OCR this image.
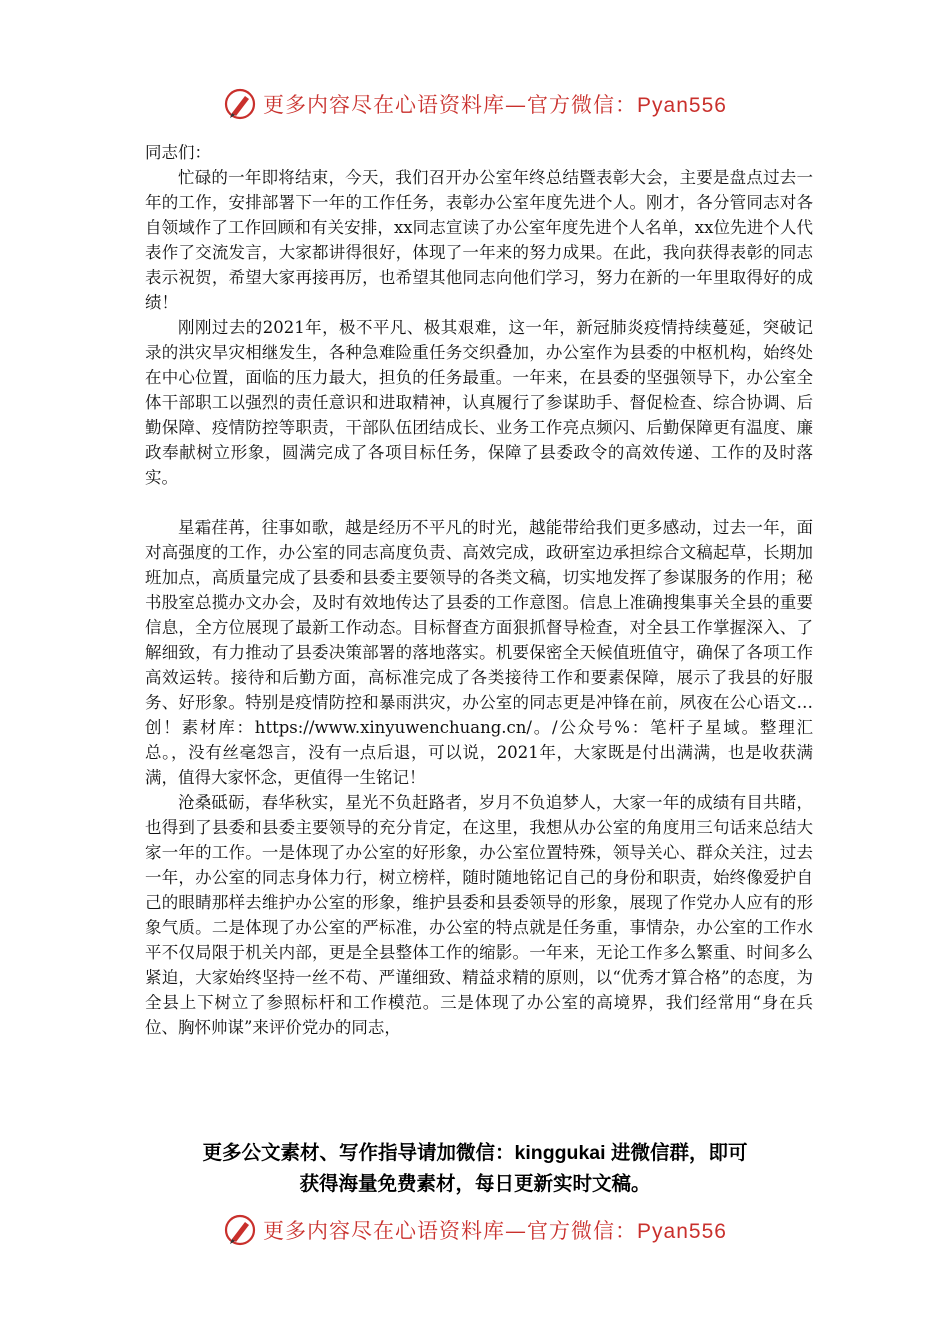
更多内容尽在心语资料库—官方微信：Pyan556

同志们：

忙碌的一年即将结束，今天，我们召开办公室年终总结暨表彰大会，主要是盘点过去一年的工作，安排部署下一年的工作任务，表彰办公室年度先进个人。刚才，各分管同志对各自领域作了工作回顾和有关安排，xx同志宣读了办公室年度先进个人名单，xx位先进个人代表作了交流发言，大家都讲得很好，体现了一年来的努力成果。在此，我向获得表彰的同志表示祝贺，希望大家再接再厉，也希望其他同志向他们学习，努力在新的一年里取得好的成绩！

刚刚过去的2021年，极不平凡、极其艰难，这一年，新冠肺炎疫情持续蔓延，突破记录的洪灾旱灾相继发生，各种急难险重任务交织叠加，办公室作为县委的中枢机构，始终处在中心位置，面临的压力最大，担负的任务最重。一年来，在县委的坚强领导下，办公室全体干部职工以强烈的责任意识和进取精神，认真履行了参谋助手、督促检查、综合协调、后勤保障、疫情防控等职责，干部队伍团结成长、业务工作亮点频闪、后勤保障更有温度、廉政奉献树立形象，圆满完成了各项目标任务，保障了县委政令的高效传递、工作的及时落实。

星霜荏苒，往事如歌，越是经历不平凡的时光，越能带给我们更多感动，过去一年，面对高强度的工作，办公室的同志高度负责、高效完成，政研室边承担综合文稿起草，长期加班加点，高质量完成了县委和县委主要领导的各类文稿，切实地发挥了参谋服务的作用；秘书股室总揽办文办会，及时有效地传达了县委的工作意图。信息上准确搜集事关全县的重要信息，全方位展现了最新工作动态。目标督查方面狠抓督导检查，对全县工作掌握深入、了解细致，有力推动了县委决策部署的落地落实。机要保密全天候值班值守，确保了各项工作高效运转。接待和后勤方面，高标准完成了各类接待工作和要素保障，展示了我县的好服务、好形象。特别是疫情防控和暴雨洪灾，办公室的同志更是冲锋在前，夙夜在公心语文…创！素材库：https://www.xinyuwenchuang.cn/。/公众号%：笔杆子星域。整理汇总。，没有丝毫怨言，没有一点后退，可以说，2021年，大家既是付出满满，也是收获满满，值得大家怀念，更值得一生铭记！

沧桑砥砺，春华秋实，星光不负赶路者，岁月不负追梦人，大家一年的成绩有目共睹，也得到了县委和县委主要领导的充分肯定，在这里，我想从办公室的角度用三句话来总结大家一年的工作。一是体现了办公室的好形象，办公室位置特殊，领导关心、群众关注，过去一年，办公室的同志身体力行，树立榜样，随时随地铭记自己的身份和职责，始终像爱护自己的眼睛那样去维护办公室的形象，维护县委和县委领导的形象，展现了作党办人应有的形象气质。二是体现了办公室的严标准，办公室的特点就是任务重，事情杂，办公室的工作水平不仅局限于机关内部，更是全县整体工作的缩影。一年来，无论工作多么繁重、时间多么紧迫，大家始终坚持一丝不苟、严谨细致、精益求精的原则，以“优秀才算合格”的态度，为全县上下树立了参照标杆和工作模范。三是体现了办公室的高境界，我们经常用“身在兵位、胸怀帅谋”来评价党办的同志，

更多公文素材、写作指导请加微信：kinggukai 进微信群，即可
获得海量免费素材，每日更新实时文稿。
更多内容尽在心语资料库—官方微信：Pyan556
